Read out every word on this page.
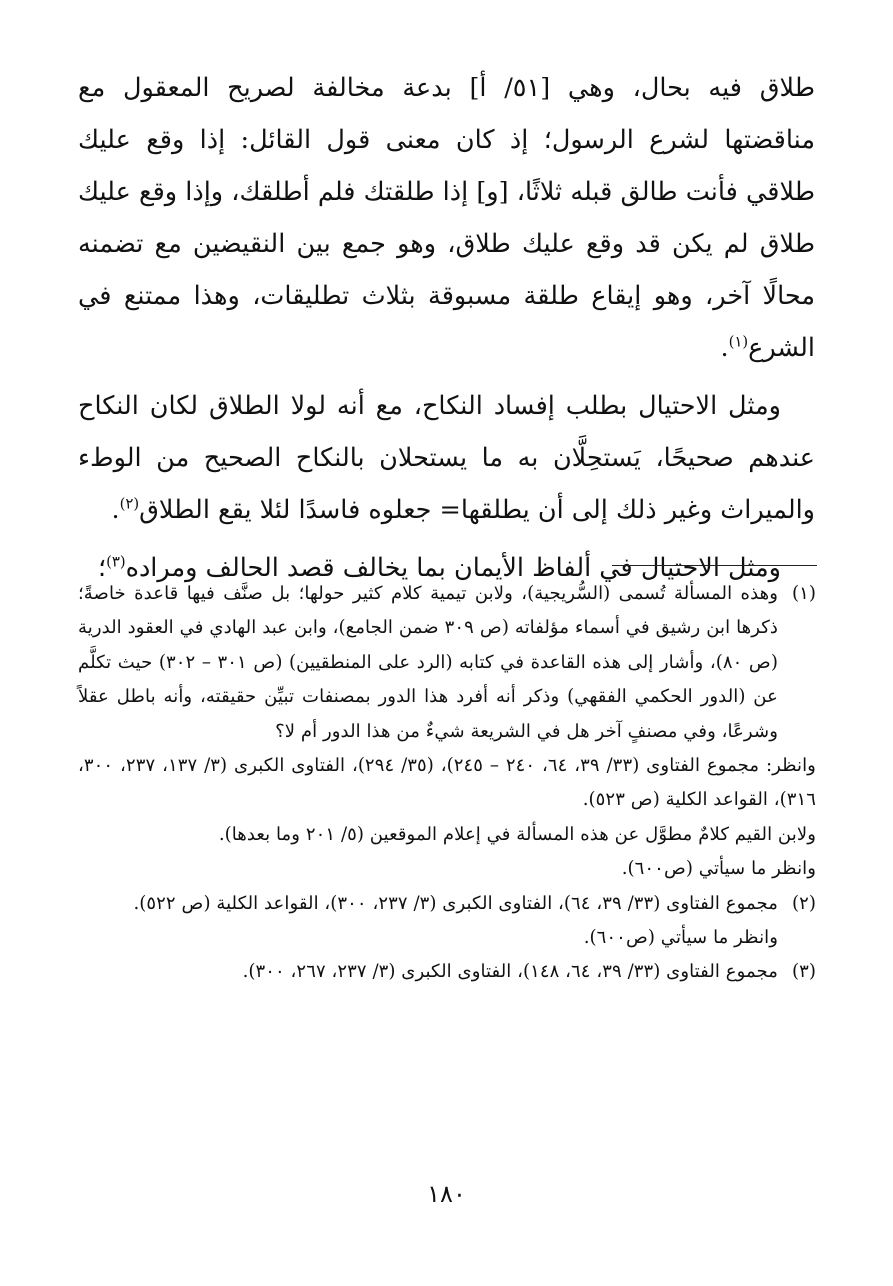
طلاق فيه بحال، وهي [٥١/ أ] بدعة مخالفة لصريح المعقول مع مناقضتها لشرع الرسول؛ إذ كان معنى قول القائل: إذا وقع عليك طلاقي فأنت طالق قبله ثلاثًا، [و] إذا طلقتك فلم أطلقك، وإذا وقع عليك طلاق لم يكن قد وقع عليك طلاق، وهو جمع بين النقيضين مع تضمنه محالًا آخر، وهو إيقاع طلقة مسبوقة بثلاث تطليقات، وهذا ممتنع في الشرع$^{(١)}$.

ومثل الاحتيال بطلب إفساد النكاح، مع أنه لولا الطلاق لكان النكاح عندهم صحيحًا، يَستحِلَّان به ما يستحلان بالنكاح الصحيح من الوطء والميراث وغير ذلك إلى أن يطلقها= جعلوه فاسدًا لئلا يقع الطلاق$^{(٢)}$.

ومثل الاحتيال في ألفاظ الأيمان بما يخالف قصد الحالف ومراده$^{(٣)}$؛

(١)

وهذه المسألة تُسمى (السُّريجية)، ولابن تيمية كلام كثير حولها؛ بل صنَّف فيها قاعدة خاصةً؛ ذكرها ابن رشيق في أسماء مؤلفاته (ص ٣٠٩ ضمن الجامع)، وابن عبد الهادي في العقود الدرية (ص ٨٠)، وأشار إلى هذه القاعدة في كتابه (الرد على المنطقيين) (ص ٣٠١ – ٣٠٢) حيث تكلَّم عن (الدور الحكمي الفقهي) وذكر أنه أفرد هذا الدور بمصنفات تبيِّن حقيقته، وأنه باطل عقلاً وشرعًا، وفي مصنفٍ آخر هل في الشريعة شيءٌ من هذا الدور أم لا؟

وانظر: مجموع الفتاوى (٣٣/ ٣٩، ٦٤، ٢٤٠ – ٢٤٥)، (٣٥/ ٢٩٤)، الفتاوى الكبرى (٣/ ١٣٧، ٢٣٧، ٣٠٠، ٣١٦)، القواعد الكلية (ص ٥٢٣).

ولابن القيم كلامٌ مطوَّل عن هذه المسألة في إعلام الموقعين (٥/ ٢٠١ وما بعدها).

وانظر ما سيأتي (ص٦٠٠).

(٢)

مجموع الفتاوى (٣٣/ ٣٩، ٦٤)، الفتاوى الكبرى (٣/ ٢٣٧، ٣٠٠)، القواعد الكلية (ص ٥٢٢).

وانظر ما سيأتي (ص٦٠٠).

(٣)

مجموع الفتاوى (٣٣/ ٣٩، ٦٤، ١٤٨)، الفتاوى الكبرى (٣/ ٢٣٧، ٢٦٧، ٣٠٠).

١٨٠
